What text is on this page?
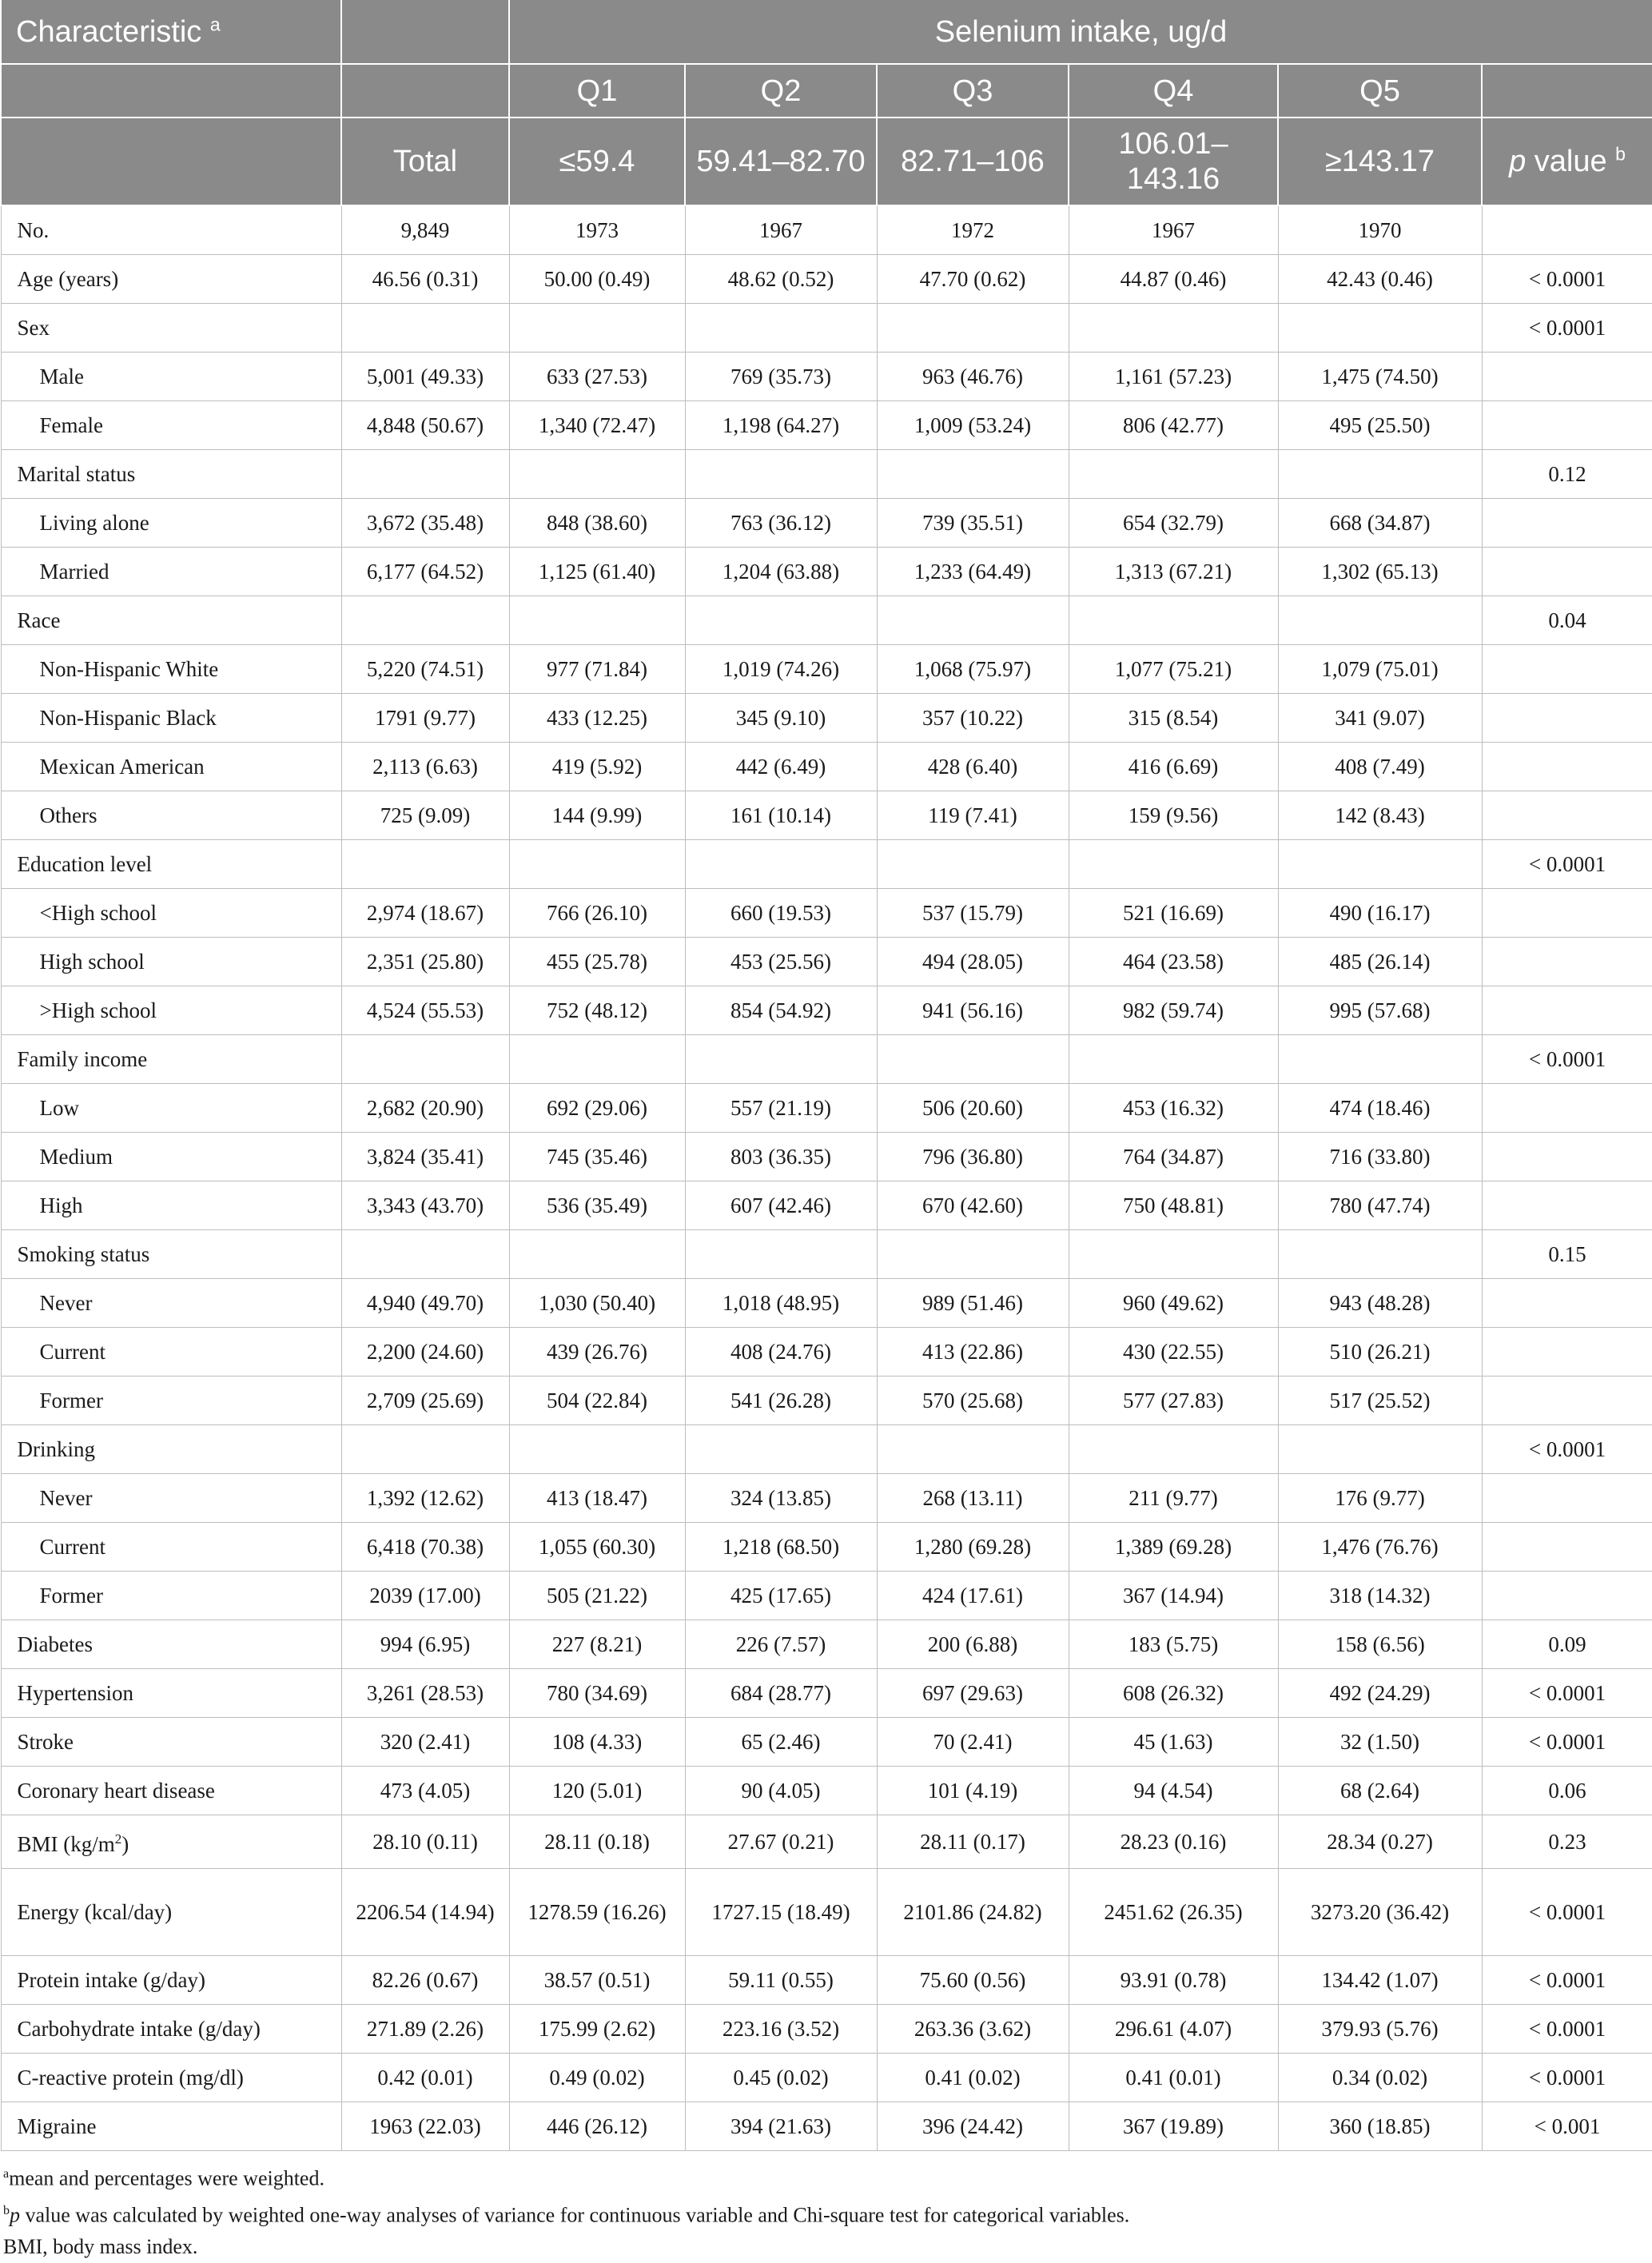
Characteristic $^a$		Selenium intake, ug/d					
		Q1	Q2	Q3	Q4	Q5	
	Total	≤59.4	59.41–82.70	82.71–106	106.01–143.16	≥143.17	p value $^b$
No.	9,849	1973	1967	1972	1967	1970	
Age (years)	46.56 (0.31)	50.00 (0.49)	48.62 (0.52)	47.70 (0.62)	44.87 (0.46)	42.43 (0.46)	< 0.0001
Sex							< 0.0001
Male	5,001 (49.33)	633 (27.53)	769 (35.73)	963 (46.76)	1,161 (57.23)	1,475 (74.50)	
Female	4,848 (50.67)	1,340 (72.47)	1,198 (64.27)	1,009 (53.24)	806 (42.77)	495 (25.50)	
Marital status							0.12
Living alone	3,672 (35.48)	848 (38.60)	763 (36.12)	739 (35.51)	654 (32.79)	668 (34.87)	
Married	6,177 (64.52)	1,125 (61.40)	1,204 (63.88)	1,233 (64.49)	1,313 (67.21)	1,302 (65.13)	
Race							0.04
Non-Hispanic White	5,220 (74.51)	977 (71.84)	1,019 (74.26)	1,068 (75.97)	1,077 (75.21)	1,079 (75.01)	
Non-Hispanic Black	1791 (9.77)	433 (12.25)	345 (9.10)	357 (10.22)	315 (8.54)	341 (9.07)	
Mexican American	2,113 (6.63)	419 (5.92)	442 (6.49)	428 (6.40)	416 (6.69)	408 (7.49)	
Others	725 (9.09)	144 (9.99)	161 (10.14)	119 (7.41)	159 (9.56)	142 (8.43)	
Education level							< 0.0001
<High school	2,974 (18.67)	766 (26.10)	660 (19.53)	537 (15.79)	521 (16.69)	490 (16.17)	
High school	2,351 (25.80)	455 (25.78)	453 (25.56)	494 (28.05)	464 (23.58)	485 (26.14)	
>High school	4,524 (55.53)	752 (48.12)	854 (54.92)	941 (56.16)	982 (59.74)	995 (57.68)	
Family income							< 0.0001
Low	2,682 (20.90)	692 (29.06)	557 (21.19)	506 (20.60)	453 (16.32)	474 (18.46)	
Medium	3,824 (35.41)	745 (35.46)	803 (36.35)	796 (36.80)	764 (34.87)	716 (33.80)	
High	3,343 (43.70)	536 (35.49)	607 (42.46)	670 (42.60)	750 (48.81)	780 (47.74)	
Smoking status							0.15
Never	4,940 (49.70)	1,030 (50.40)	1,018 (48.95)	989 (51.46)	960 (49.62)	943 (48.28)	
Current	2,200 (24.60)	439 (26.76)	408 (24.76)	413 (22.86)	430 (22.55)	510 (26.21)	
Former	2,709 (25.69)	504 (22.84)	541 (26.28)	570 (25.68)	577 (27.83)	517 (25.52)	
Drinking							< 0.0001
Never	1,392 (12.62)	413 (18.47)	324 (13.85)	268 (13.11)	211 (9.77)	176 (9.77)	
Current	6,418 (70.38)	1,055 (60.30)	1,218 (68.50)	1,280 (69.28)	1,389 (69.28)	1,476 (76.76)	
Former	2039 (17.00)	505 (21.22)	425 (17.65)	424 (17.61)	367 (14.94)	318 (14.32)	
Diabetes	994 (6.95)	227 (8.21)	226 (7.57)	200 (6.88)	183 (5.75)	158 (6.56)	0.09
Hypertension	3,261 (28.53)	780 (34.69)	684 (28.77)	697 (29.63)	608 (26.32)	492 (24.29)	< 0.0001
Stroke	320 (2.41)	108 (4.33)	65 (2.46)	70 (2.41)	45 (1.63)	32 (1.50)	< 0.0001
Coronary heart disease	473 (4.05)	120 (5.01)	90 (4.05)	101 (4.19)	94 (4.54)	68 (2.64)	0.06
BMI $(kg/m^2)$	28.10 (0.11)	28.11 (0.18)	27.67 (0.21)	28.11 (0.17)	28.23 (0.16)	28.34 (0.27)	0.23
Energy (kcal/day)	2206.54 (14.94)	1278.59 (16.26)	1727.15 (18.49)	2101.86 (24.82)	2451.62 (26.35)	3273.20 (36.42)	< 0.0001
Protein intake (g/day)	82.26 (0.67)	38.57 (0.51)	59.11 (0.55)	75.60 (0.56)	93.91 (0.78)	134.42 (1.07)	< 0.0001
Carbohydrate intake (g/day)	271.89 (2.26)	175.99 (2.62)	223.16 (3.52)	263.36 (3.62)	296.61 (4.07)	379.93 (5.76)	< 0.0001
C-reactive protein (mg/dl)	0.42 (0.01)	0.49 (0.02)	0.45 (0.02)	0.41 (0.02)	0.41 (0.01)	0.34 (0.02)	< 0.0001
Migraine	1963 (22.03)	446 (26.12)	394 (21.63)	396 (24.42)	367 (19.89)	360 (18.85)	< 0.001

$^a$mean and percentages were weighted.

$^b$p value was calculated by weighted one-way analyses of variance for continuous variable and Chi-square test for categorical variables.

BMI, body mass index.
